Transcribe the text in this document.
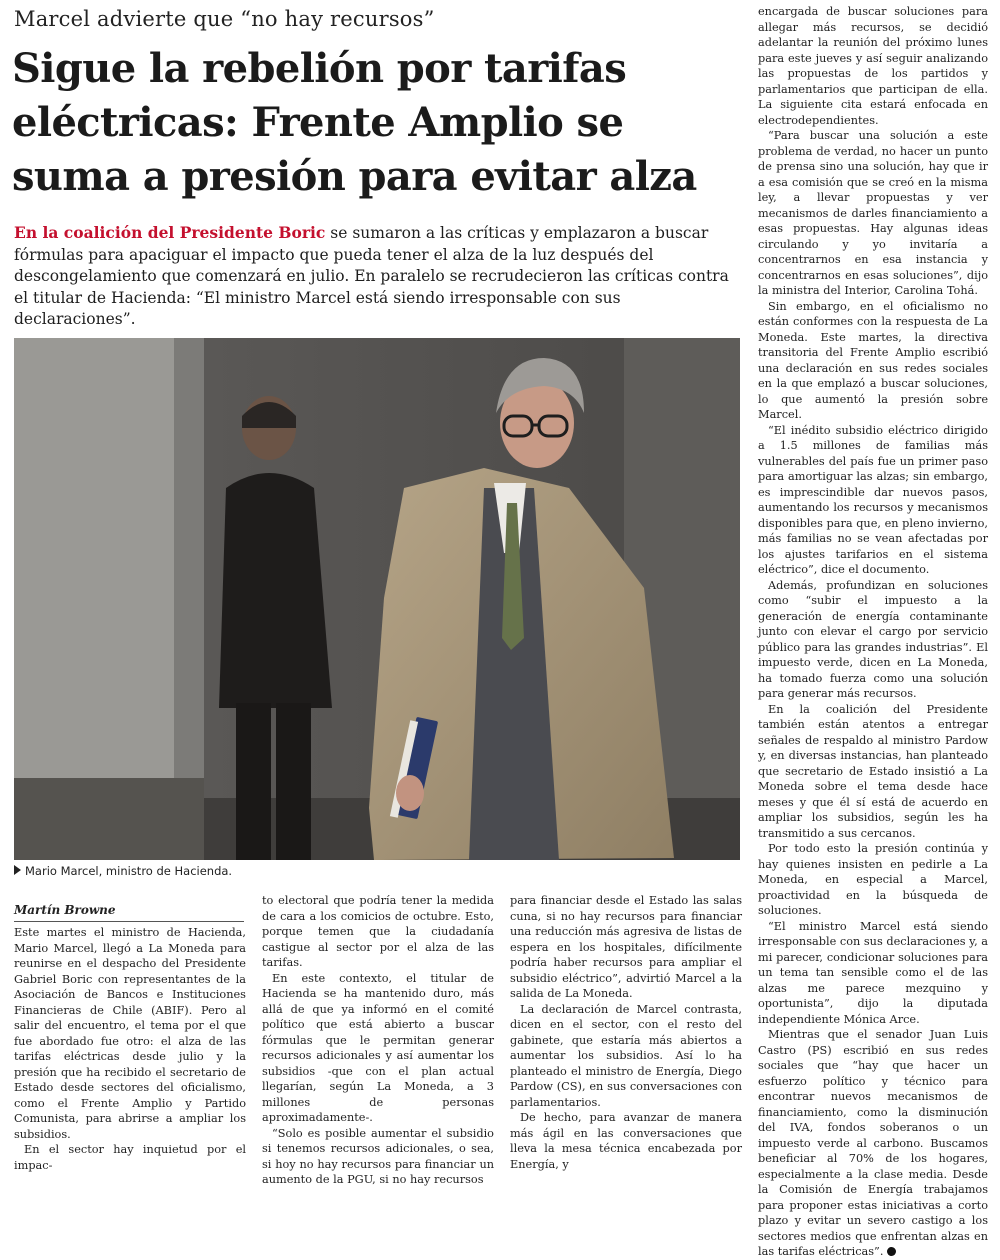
Marcel advierte que “no hay recursos”
Sigue la rebelión por tarifas eléctricas: Frente Amplio se suma a presión para evitar alza
En la coalición del Presidente Boric se sumaron a las críticas y emplazaron a buscar fórmulas para apaciguar el impacto que pueda tener el alza de la luz después del descongelamiento que comenzará en julio. En paralelo se recrudecieron las críticas contra el titular de Hacienda: “El ministro Marcel está siendo irresponsable con sus declaraciones”.
Mario Marcel, ministro de Hacienda.
Martín Browne

Este martes el ministro de Hacienda, Mario Marcel, llegó a La Moneda para reunirse en el despacho del Presidente Gabriel Boric con representantes de la Asociación de Bancos e Instituciones Financieras de Chile (ABIF). Pero al salir del encuentro, el tema por el que fue abordado fue otro: el alza de las tarifas eléctricas desde julio y la presión que ha recibido el secretario de Estado desde sectores del oficialismo, como el Frente Amplio y Partido Comunista, para abrirse a ampliar los subsidios.

En el sector hay inquietud por el impac-

to electoral que podría tener la medida de cara a los comicios de octubre. Esto, porque temen que la ciudadanía castigue al sector por el alza de las tarifas.

En este contexto, el titular de Hacienda se ha mantenido duro, más allá de que ya informó en el comité político que está abierto a buscar fórmulas que le permitan generar recursos adicionales y así aumentar los subsidios -que con el plan actual llegarían, según La Moneda, a 3 millones de personas aproximadamente-.

“Solo es posible aumentar el subsidio si tenemos recursos adicionales, o sea, si hoy no hay recursos para financiar un aumento de la PGU, si no hay recursos

para financiar desde el Estado las salas cuna, si no hay recursos para financiar una reducción más agresiva de listas de espera en los hospitales, difícilmente podría haber recursos para ampliar el subsidio eléctrico”, advirtió Marcel a la salida de La Moneda.

La declaración de Marcel contrasta, dicen en el sector, con el resto del gabinete, que estaría más abiertos a aumentar los subsidios. Así lo ha planteado el ministro de Energía, Diego Pardow (CS), en sus conversaciones con parlamentarios.

De hecho, para avanzar de manera más ágil en las conversaciones que lleva la mesa técnica encabezada por Energía, y

encargada de buscar soluciones para allegar más recursos, se decidió adelantar la reunión del próximo lunes para este jueves y así seguir analizando las propuestas de los partidos y parlamentarios que participan de ella. La siguiente cita estará enfocada en electrodependientes.

“Para buscar una solución a este problema de verdad, no hacer un punto de prensa sino una solución, hay que ir a esa comisión que se creó en la misma ley, a llevar propuestas y ver mecanismos de darles financiamiento a esas propuestas. Hay algunas ideas circulando y yo invitaría a concentrarnos en esa instancia y concentrarnos en esas soluciones”, dijo la ministra del Interior, Carolina Tohá.

Sin embargo, en el oficialismo no están conformes con la respuesta de La Moneda. Este martes, la directiva transitoria del Frente Amplio escribió una declaración en sus redes sociales en la que emplazó a buscar soluciones, lo que aumentó la presión sobre Marcel.

“El inédito subsidio eléctrico dirigido a 1.5 millones de familias más vulnerables del país fue un primer paso para amortiguar las alzas; sin embargo, es imprescindible dar nuevos pasos, aumentando los recursos y mecanismos disponibles para que, en pleno invierno, más familias no se vean afectadas por los ajustes tarifarios en el sistema eléctrico”, dice el documento.

Además, profundizan en soluciones como “subir el impuesto a la generación de energía contaminante junto con elevar el cargo por servicio público para las grandes industrias”. El impuesto verde, dicen en La Moneda, ha tomado fuerza como una solución para generar más recursos.

En la coalición del Presidente también están atentos a entregar señales de respaldo al ministro Pardow y, en diversas instancias, han planteado que secretario de Estado insistió a La Moneda sobre el tema desde hace meses y que él sí está de acuerdo en ampliar los subsidios, según les ha transmitido a sus cercanos.

Por todo esto la presión continúa y hay quienes insisten en pedirle a La Moneda, en especial a Marcel, proactividad en la búsqueda de soluciones.

“El ministro Marcel está siendo irresponsable con sus declaraciones y, a mi parecer, condicionar soluciones para un tema tan sensible como el de las alzas me parece mezquino y oportunista”, dijo la diputada independiente Mónica Arce.

Mientras que el senador Juan Luis Castro (PS) escribió en sus redes sociales que “hay que hacer un esfuerzo político y técnico para encontrar nuevos mecanismos de financiamiento, como la disminución del IVA, fondos soberanos o un impuesto verde al carbono. Buscamos beneficiar al 70% de los hogares, especialmente a la clase media. Desde la Comisión de Energía trabajamos para proponer estas iniciativas a corto plazo y evitar un severo castigo a los sectores medios que enfrentan alzas en las tarifas eléctricas”.
